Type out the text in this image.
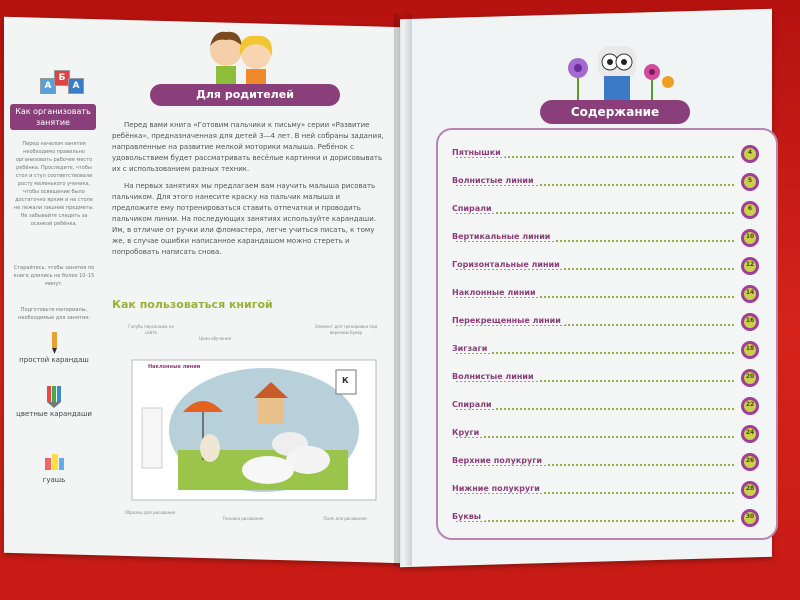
А
Б
А
Как организовать занятие
Перед началом занятия необходимо правильно организовать рабочее место ребёнка. Проследите, чтобы стол и стул соответствовали росту маленького ученика, чтобы освещение было достаточно ярким и на столе не лежали лишние предметы. Не забывайте следить за осанкой ребёнка.
Старайтесь, чтобы занятия по книге длились не более 10–15 минут.
Подготовьте материалы, необходимые для занятия:
простой карандаш
цветные карандаши
гуашь
Для родителей

Перед вами книга «Готовим пальчики к письму» серии «Развитие ребёнка», предназначенная для детей 3—4 лет. В ней собраны задания, направленные на развитие мелкой моторики малыша. Ребёнок с удовольствием будет рассматривать весёлые картинки и дорисовывать их с использованием разных техник.

На первых занятиях мы предлагаем вам научить малыша рисовать пальчиком. Для этого нанесите краску на пальчик малыша и предложите ему потренироваться ставить отпечатки и проводить пальчиком линии. На последующих занятиях используйте карандаши. Им, в отличие от ручки или фломастера, легче учиться писать, к тому же, в случае ошибки написанное карандашом можно стереть и попробовать написать снова.

Как пользоваться книгой
Голубь персонажа на сайте
Цели обучения
Элемент для тренировки под верхнюю букву
Наклонные линии
К
Образец для рисования
Техника рисования	Поле для рисования
Содержание
Пятнышки	4
Волнистые линии	5
Спирали	6
Вертикальные линии	10
Горизонтальные линии	12
Наклонные линии	14
Перекрещенные линии	16
Зигзаги	18
Волнистые линии	20
Спирали	22
Круги	24
Верхние полукруги	26
Нижние полукруги	28
Буквы	30
